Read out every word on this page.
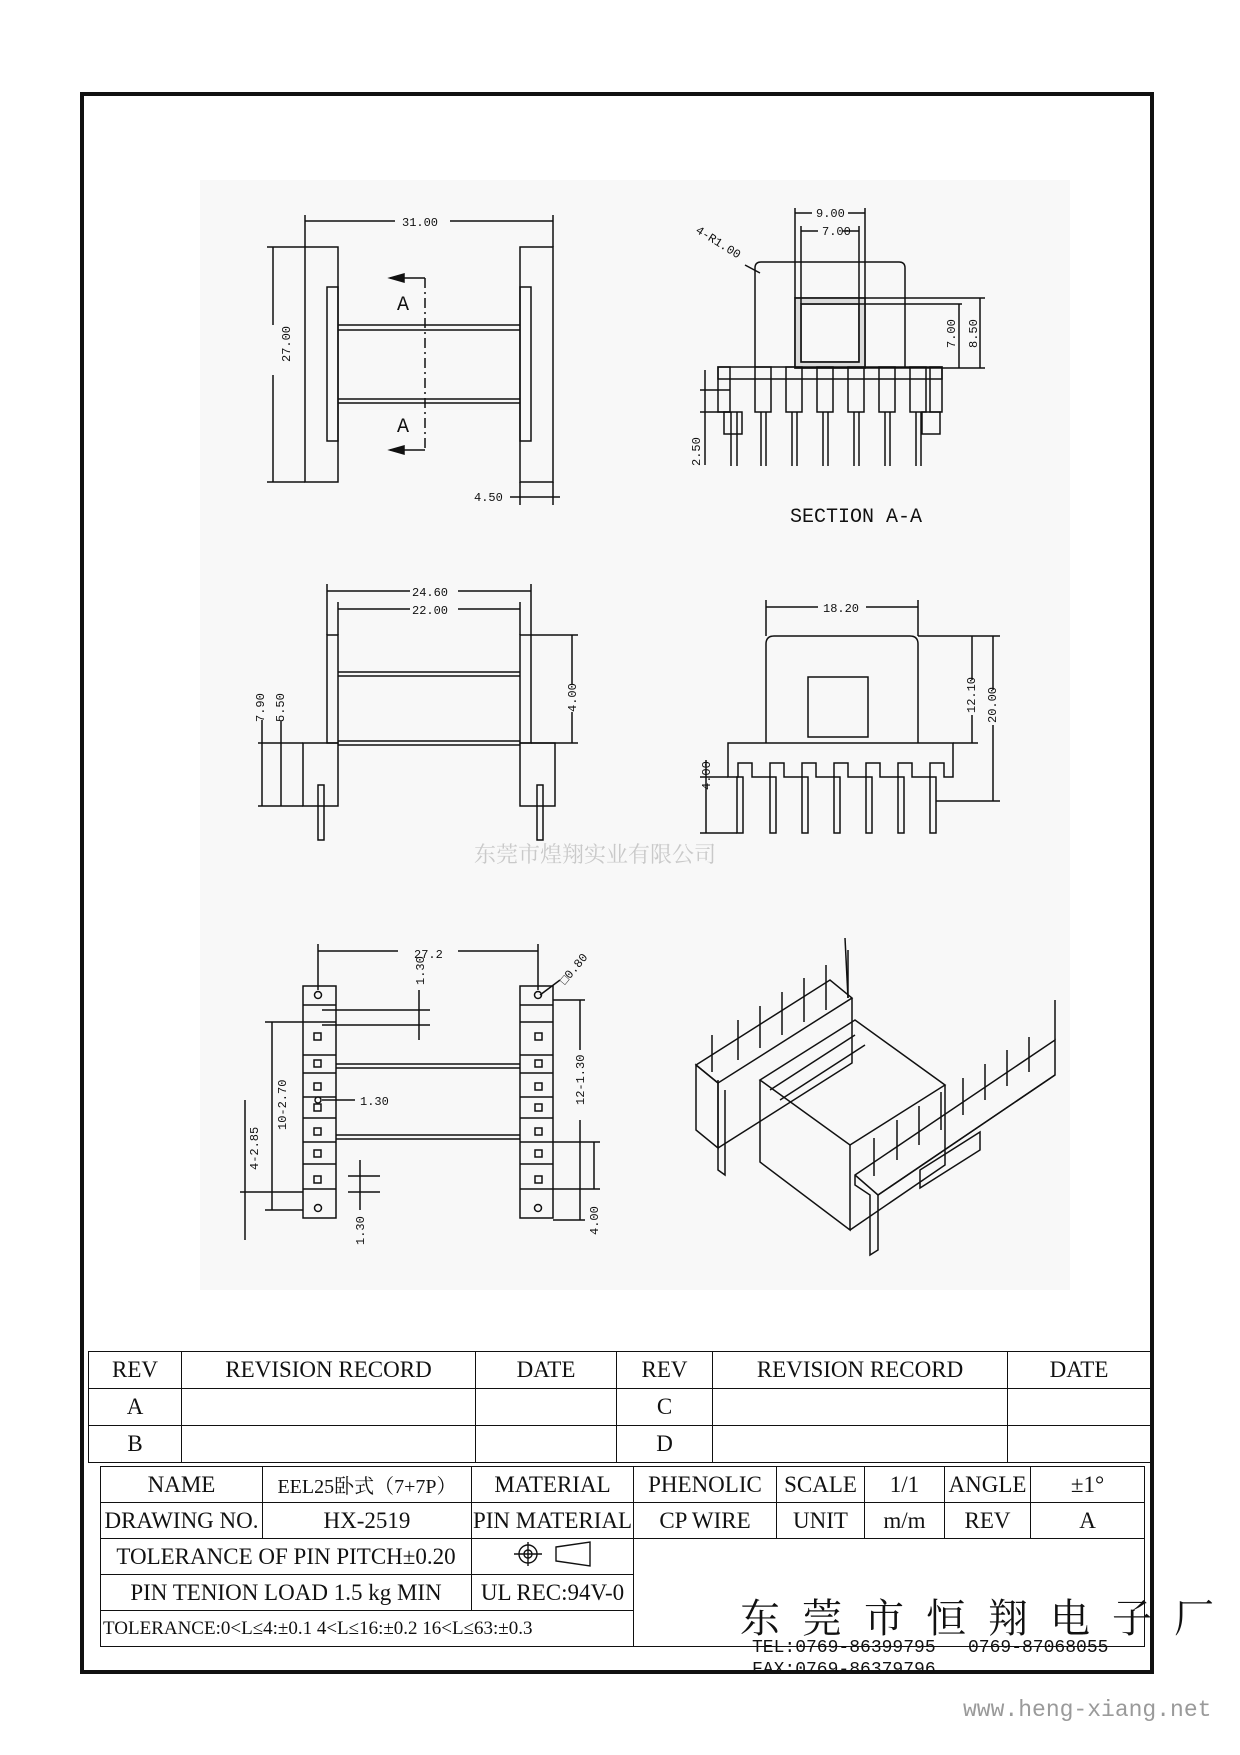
31.00
27.00
4.50
A
A
4-R1.00
9.00
7.00
7.00 8.50
2.50
SECTION A-A
24.60
22.00
7.90 5.50	4.00
18.20
12.10 20.00
4.00
27.2	□0.80
1.30
10-2.70	1.30	12-1.30
4-2.85
1.30	4.00
东莞市煌翔实业有限公司
REV	REVISION RECORD	DATE	REV	REVISION RECORD	DATE
A			C		
B			D		
NAME	EEL25卧式（7+7P）	MATERIAL	PHENOLIC	SCALE	1/1	ANGLE	±1°
DRAWING NO.	HX-2519	PIN MATERIAL	CP WIRE	UNIT	m/m	REV	A
TOLERANCE OF PIN PITCH±0.20		
PIN TENION LOAD 1.5 kg MIN		UL REC:94V-0					
TOLERANCE:0<L≤4:±0.1 4<L≤16:±0.2 16<L≤63:±0.3								东莞市恒翔电子厂
TEL:0769-86399795 0769-87068055
FAX:0769-86379796
www.heng-xiang.net
